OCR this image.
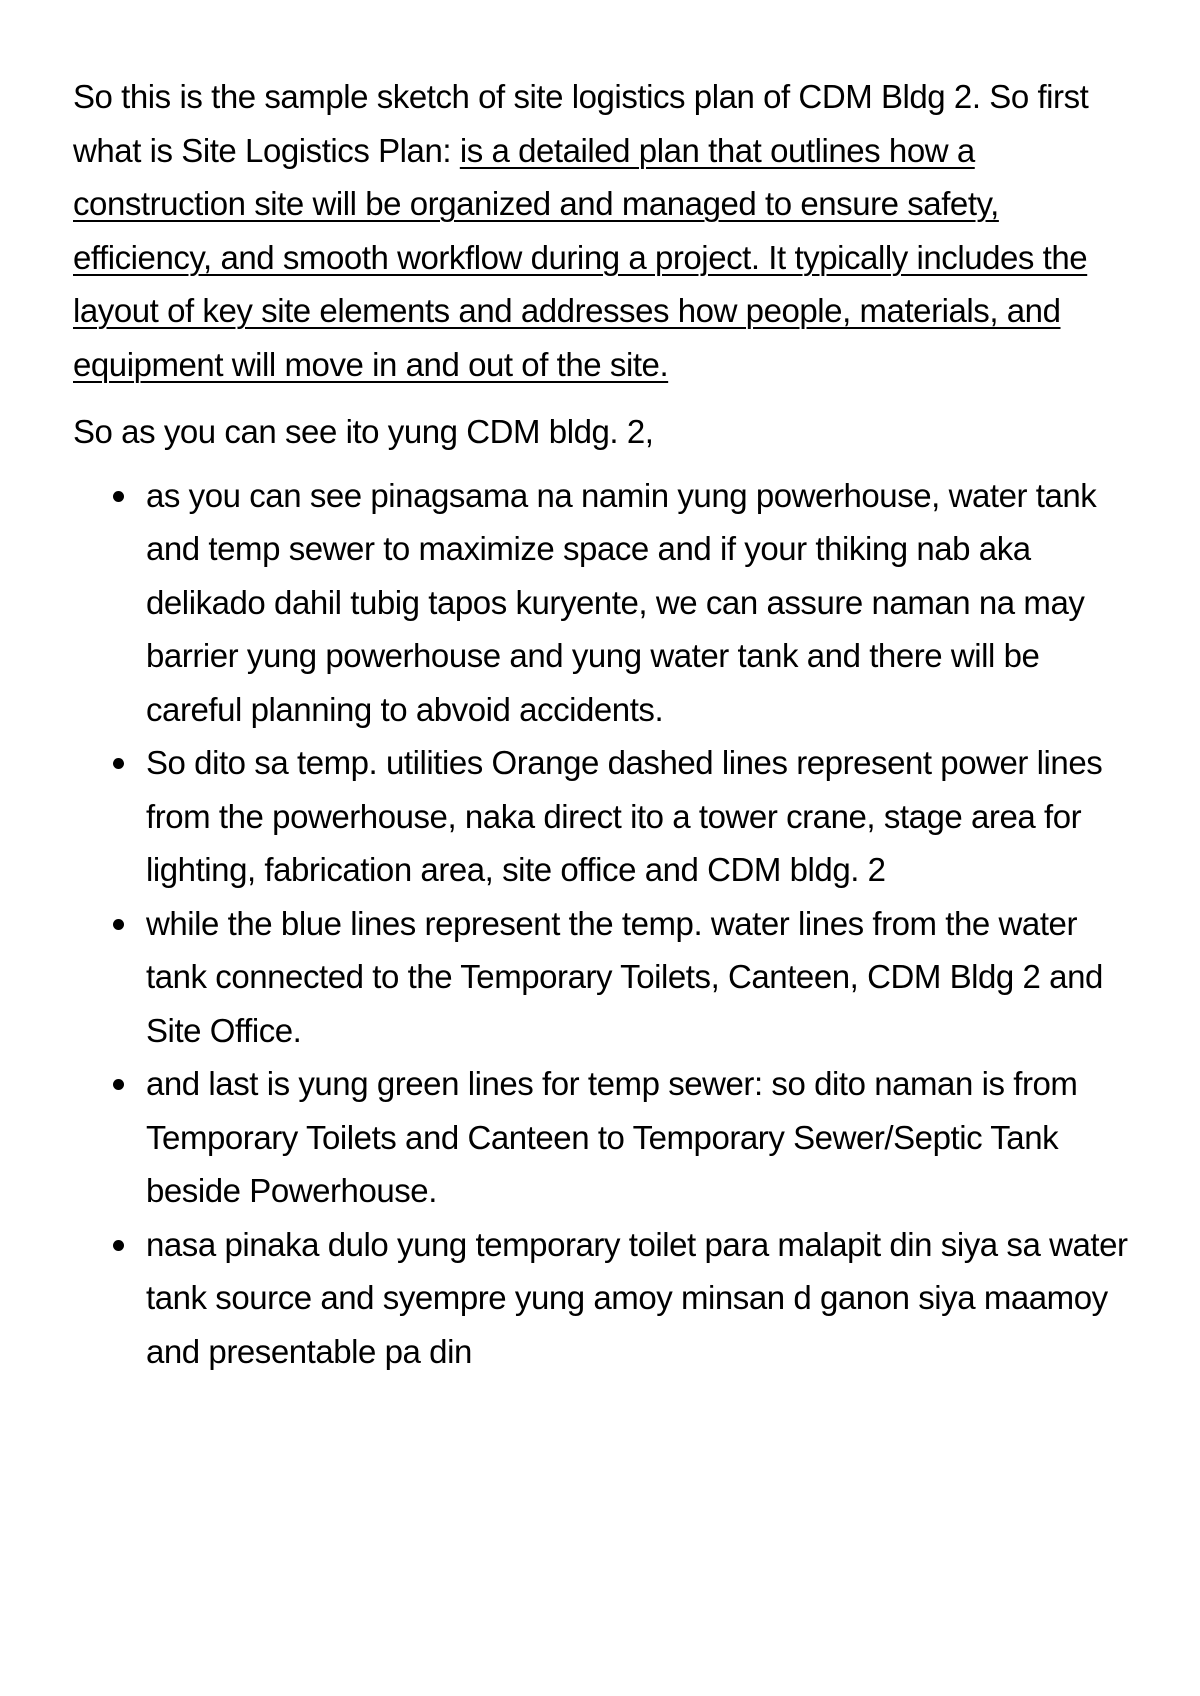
So this is the sample sketch of site logistics plan of CDM Bldg 2. So first what is Site Logistics Plan: is a detailed plan that outlines how a construction site will be organized and managed to ensure safety, efficiency, and smooth workflow during a project. It typically includes the layout of key site elements and addresses how people, materials, and equipment will move in and out of the site.

So as you can see ito yung CDM bldg. 2,

as you can see pinagsama na namin yung powerhouse, water tank and temp sewer to maximize space and if your thiking nab aka delikado dahil tubig tapos kuryente, we can assure naman na may barrier yung powerhouse and yung water tank and there will be careful planning to abvoid accidents.
So dito sa temp. utilities Orange dashed lines represent power lines from the powerhouse, naka direct ito a tower crane, stage area for lighting, fabrication area, site office and CDM bldg. 2
while the blue lines represent the temp. water lines from the water tank connected to the Temporary Toilets, Canteen, CDM Bldg 2 and Site Office.
and last is yung green lines for temp sewer: so dito naman is from Temporary Toilets and Canteen to Temporary Sewer/Septic Tank beside Powerhouse.
nasa pinaka dulo yung temporary toilet para malapit din siya sa water tank source and syempre yung amoy minsan d ganon siya maamoy and presentable pa din
